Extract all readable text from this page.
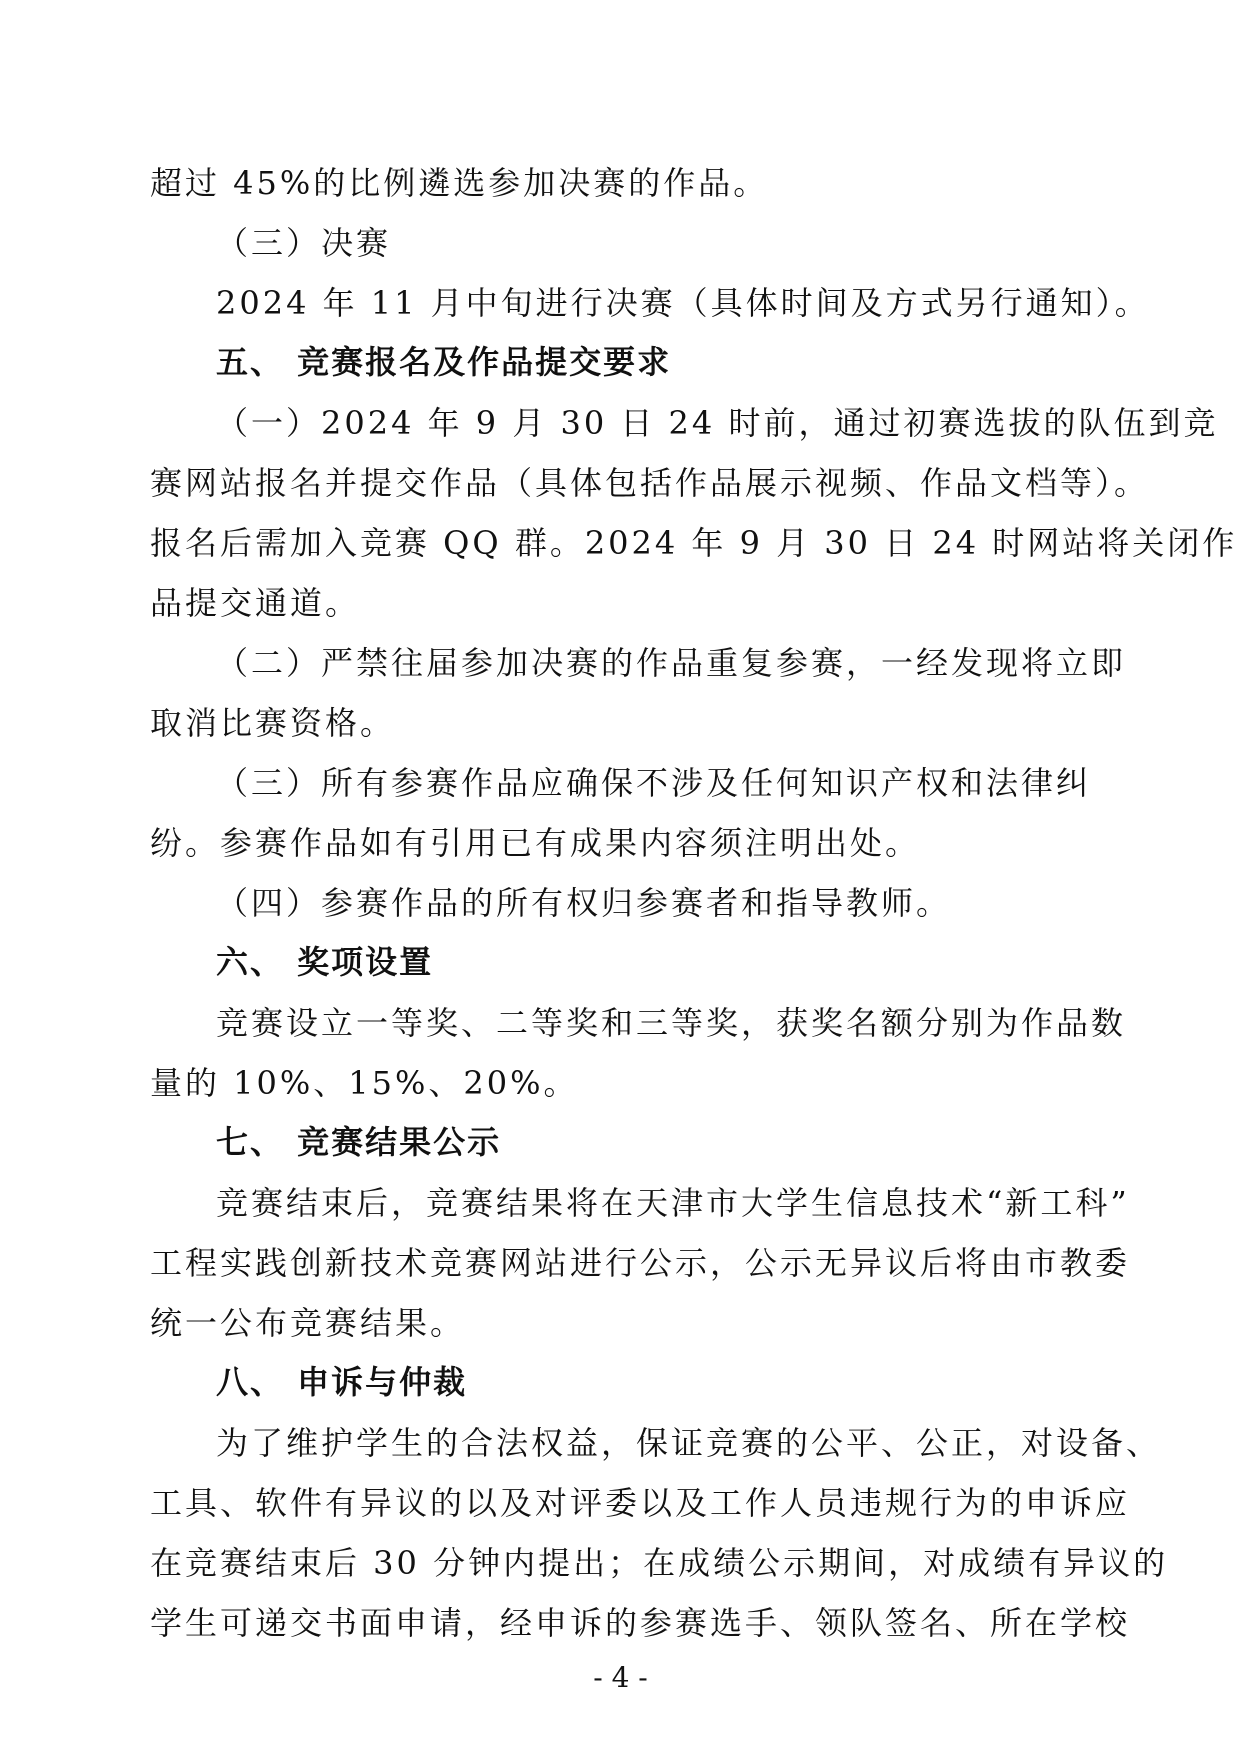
超过 45%的比例遴选参加决赛的作品。
（三）决赛
2024 年 11 月中旬进行决赛（具体时间及方式另行通知）。
五、 竞赛报名及作品提交要求
（一）2024 年 9 月 30 日 24 时前，通过初赛选拔的队伍到竞
赛网站报名并提交作品（具体包括作品展示视频、作品文档等）。
报名后需加入竞赛 QQ 群。2024 年 9 月 30 日 24 时网站将关闭作
品提交通道。
（二）严禁往届参加决赛的作品重复参赛，一经发现将立即
取消比赛资格。
（三）所有参赛作品应确保不涉及任何知识产权和法律纠
纷。参赛作品如有引用已有成果内容须注明出处。
（四）参赛作品的所有权归参赛者和指导教师。
六、 奖项设置
竞赛设立一等奖、二等奖和三等奖，获奖名额分别为作品数
量的 10%、15%、20%。
七、 竞赛结果公示
竞赛结束后，竞赛结果将在天津市大学生信息技术“新工科”
工程实践创新技术竞赛网站进行公示，公示无异议后将由市教委
统一公布竞赛结果。
八、 申诉与仲裁
为了维护学生的合法权益，保证竞赛的公平、公正，对设备、
工具、软件有异议的以及对评委以及工作人员违规行为的申诉应
在竞赛结束后 30 分钟内提出；在成绩公示期间，对成绩有异议的
学生可递交书面申请，经申诉的参赛选手、领队签名、所在学校
- 4 -
